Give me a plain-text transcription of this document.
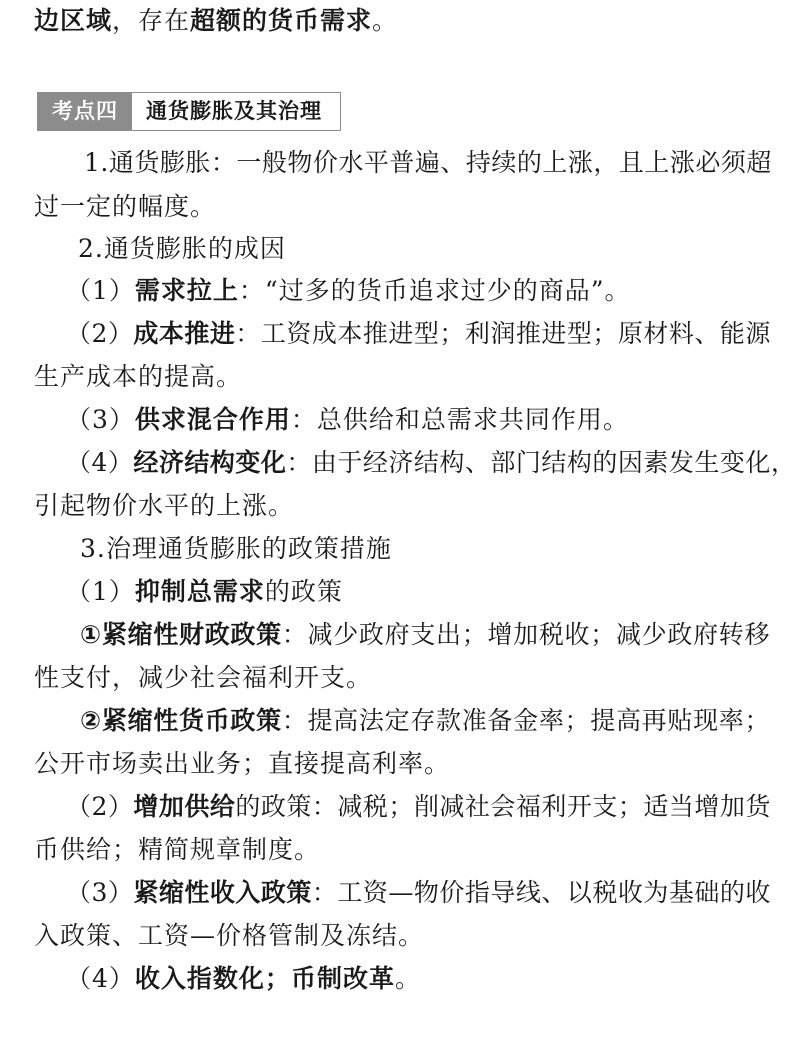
边区域，存在超额的货币需求。
考点四	通货膨胀及其治理
1.通货膨胀：一般物价水平普遍、持续的上涨，且上涨必须超
过一定的幅度。
2.通货膨胀的成因
（1）需求拉上：“过多的货币追求过少的商品”。
（2）成本推进：工资成本推进型；利润推进型；原材料、能源
生产成本的提高。
（3）供求混合作用：总供给和总需求共同作用。
（4）经济结构变化：由于经济结构、部门结构的因素发生变化，
引起物价水平的上涨。
3.治理通货膨胀的政策措施
（1）抑制总需求的政策
①紧缩性财政政策：减少政府支出；增加税收；减少政府转移
性支付，减少社会福利开支。
②紧缩性货币政策：提高法定存款准备金率；提高再贴现率；
公开市场卖出业务；直接提高利率。
（2）增加供给的政策：减税；削减社会福利开支；适当增加货
币供给；精简规章制度。
（3）紧缩性收入政策：工资—物价指导线、以税收为基础的收
入政策、工资—价格管制及冻结。
（4）收入指数化；币制改革。
